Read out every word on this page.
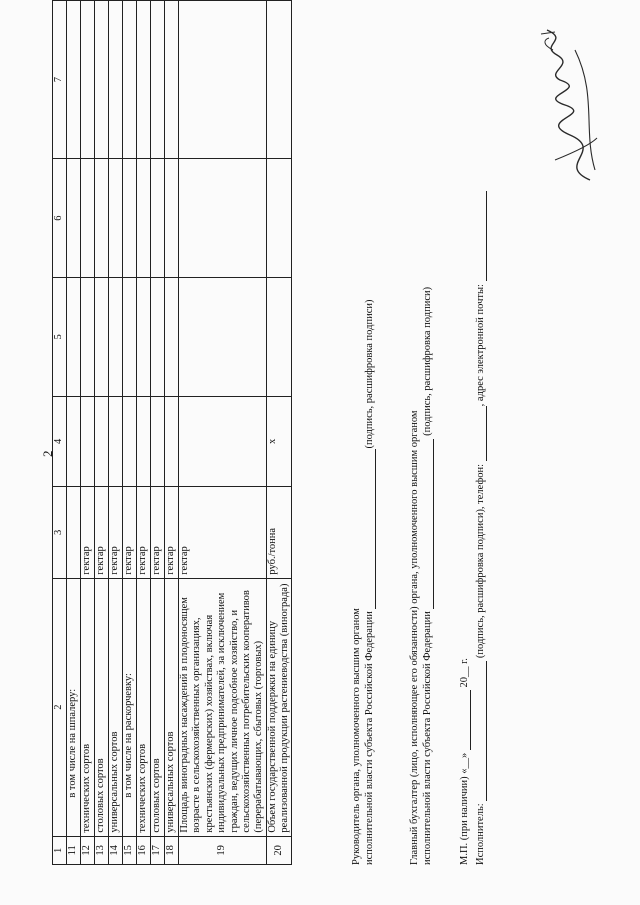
2
1	2	3	4	5	6	7
11	в том числе на шпалеру:					
12	технических сортов	гектар				
13	столовых сортов	гектар				
14	универсальных сортов	гектар				
15	в том числе на раскорчевку:	гектар				
16	технических сортов	гектар				
17	столовых сортов	гектар				
18	универсальных сортов	гектар				
19	Площадь виноградных насаждений в плодоносящем возрасте в сельскохозяйственных организациях, крестьянских (фермерских) хозяйствах, включая индивидуальных предпринимателей, за исключением граждан, ведущих личное подсобное хозяйство, и сельскохозяйственных потребительских кооперативов (перерабатывающих, сбытовых (торговых)	гектар				
20	Объем государственной поддержки на единицу реализованной продукции растениеводства (винограда)	руб./тонна	x			
Руководитель органа, уполномоченного высшим органом исполнительной власти субъекта Российской Федерации (подпись, расшифровка подписи)
Главный бухгалтер (лицо, исполняющее его обязанности) органа, уполномоченного высшим органом исполнительной власти субъекта Российской Федерации  (подпись, расшифровка подписи)
М.П. (при наличии) «__»  20__ г.
Исполнитель:  (подпись, расшифровка подписи), телефон: , адрес электронной почты:
